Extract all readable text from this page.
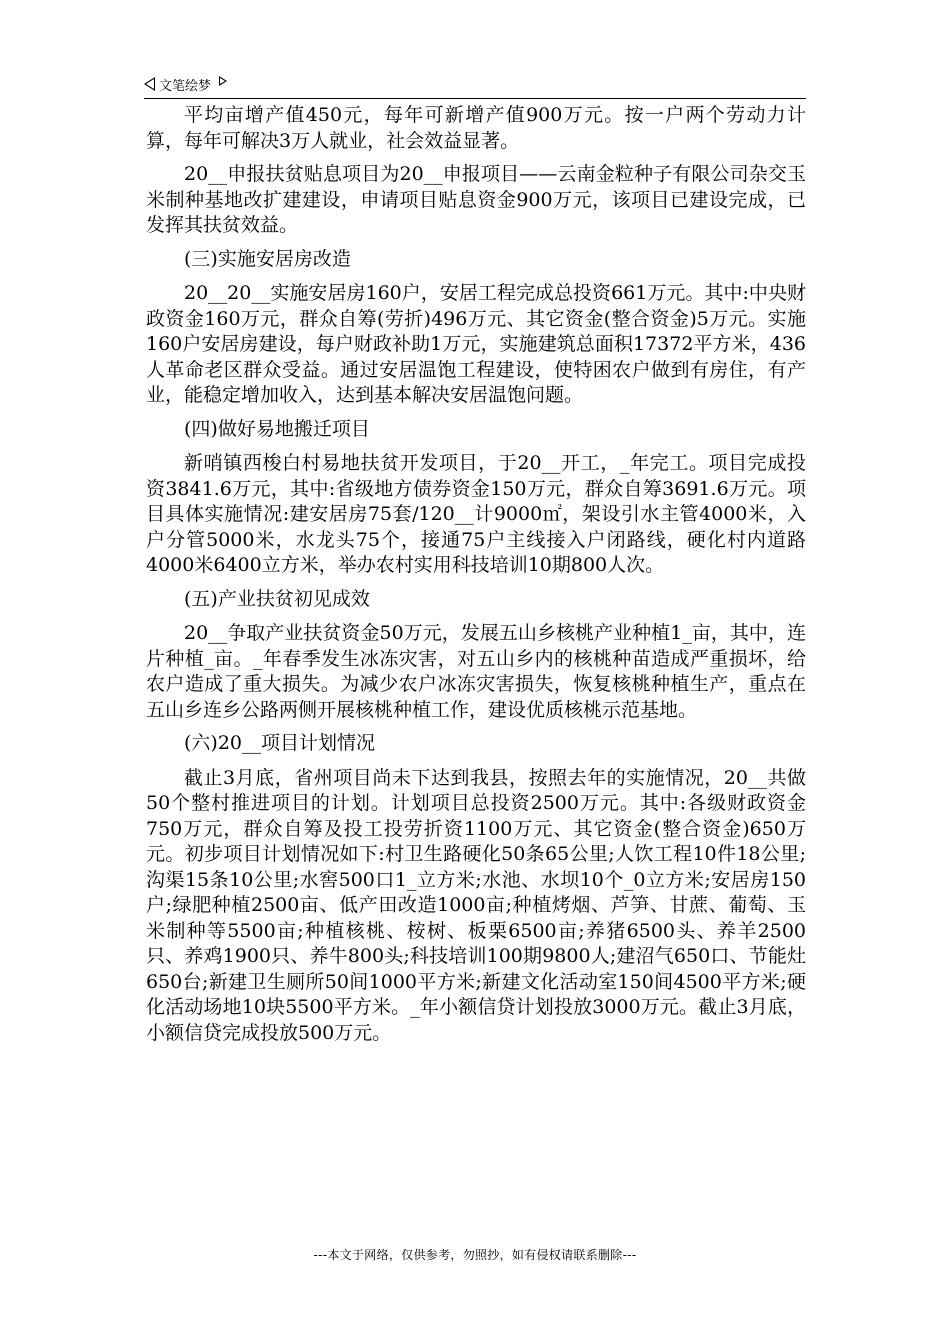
文笔绘梦

平均亩增产值450元，每年可新增产值900万元。按一户两个劳动力计算，每年可解决3万人就业，社会效益显著。

20__申报扶贫贴息项目为20__申报项目——云南金粒种子有限公司杂交玉米制种基地改扩建建设，申请项目贴息资金900万元，该项目已建设完成，已发挥其扶贫效益。

(三)实施安居房改造

20__20__实施安居房160户，安居工程完成总投资661万元。其中:中央财政资金160万元，群众自筹(劳折)496万元、其它资金(整合资金)5万元。实施160户安居房建设，每户财政补助1万元，实施建筑总面积17372平方米，436人革命老区群众受益。通过安居温饱工程建设，使特困农户做到有房住，有产业，能稳定增加收入，达到基本解决安居温饱问题。

(四)做好易地搬迁项目

新哨镇西梭白村易地扶贫开发项目，于20__开工，_年完工。项目完成投资3841.6万元，其中:省级地方债券资金150万元，群众自筹3691.6万元。项目具体实施情况:建安居房75套/120__计9000㎡，架设引水主管4000米，入户分管5000米，水龙头75个，接通75户主线接入户闭路线，硬化村内道路4000米6400立方米，举办农村实用科技培训10期800人次。

(五)产业扶贫初见成效

20__争取产业扶贫资金50万元，发展五山乡核桃产业种植1_亩，其中，连片种植_亩。_年春季发生冰冻灾害，对五山乡内的核桃种苗造成严重损坏，给农户造成了重大损失。为减少农户冰冻灾害损失，恢复核桃种植生产，重点在五山乡连乡公路两侧开展核桃种植工作，建设优质核桃示范基地。

(六)20__项目计划情况

截止3月底，省州项目尚未下达到我县，按照去年的实施情况，20__共做50个整村推进项目的计划。计划项目总投资2500万元。其中:各级财政资金750万元，群众自筹及投工投劳折资1100万元、其它资金(整合资金)650万元。初步项目计划情况如下:村卫生路硬化50条65公里;人饮工程10件18公里;沟渠15条10公里;水窖500口1_立方米;水池、水坝10个_0立方米;安居房150户;绿肥种植2500亩、低产田改造1000亩;种植烤烟、芦笋、甘蔗、葡萄、玉米制种等5500亩;种植核桃、桉树、板栗6500亩;养猪6500头、养羊2500只、养鸡1900只、养牛800头;科技培训100期9800人;建沼气650口、节能灶650台;新建卫生厕所50间1000平方米;新建文化活动室150间4500平方米;硬化活动场地10块5500平方米。_年小额信贷计划投放3000万元。截止3月底，小额信贷完成投放500万元。

---本文于网络，仅供参考，勿照抄，如有侵权请联系删除---
